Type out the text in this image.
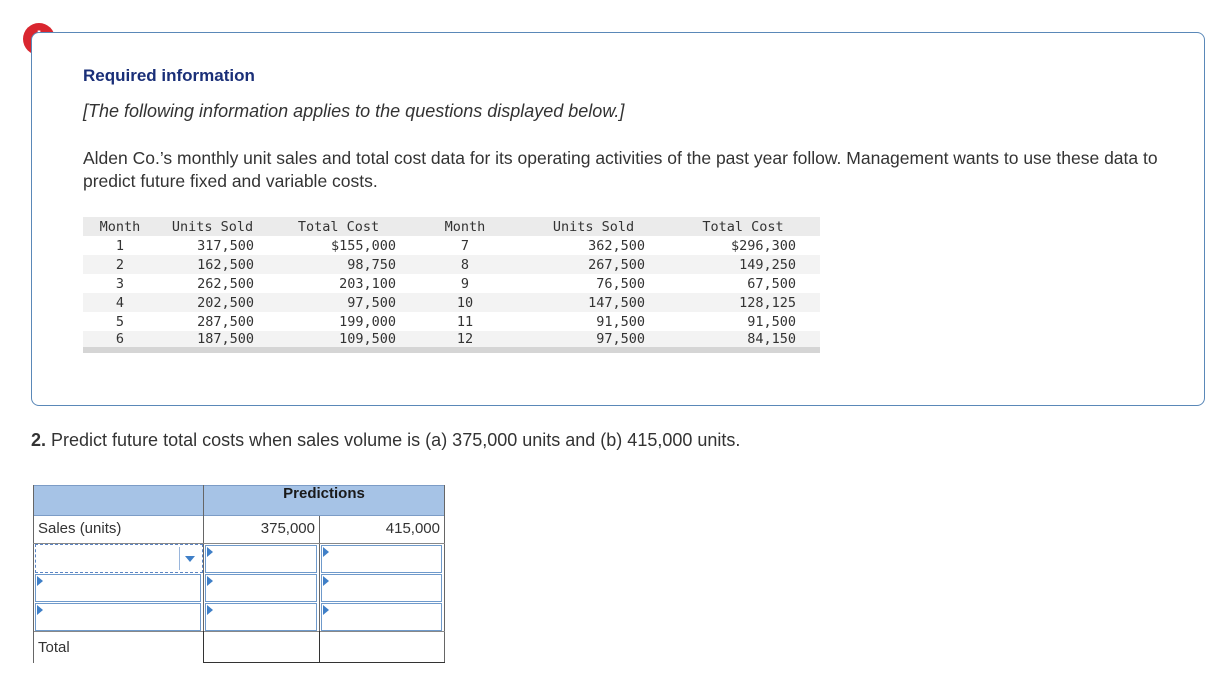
Required information
[The following information applies to the questions displayed below.]
Alden Co.’s monthly unit sales and total cost data for its operating activities of the past year follow. Management wants to use these data to predict future fixed and variable costs.
Month	Units Sold	Total Cost	Month	Units Sold	Total Cost
1	317,500	$155,000	7	362,500	$296,300
2	162,500	98,750	8	267,500	149,250
3	262,500	203,100	9	76,500	67,500
4	202,500	97,500	10	147,500	128,125
5	287,500	199,000	11	91,500	91,500
6	187,500	109,500	12	97,500	84,150
2. Predict future total costs when sales volume is (a) 375,000 units and (b) 415,000 units.
Predictions
Sales (units)	375,000	415,000
Total
